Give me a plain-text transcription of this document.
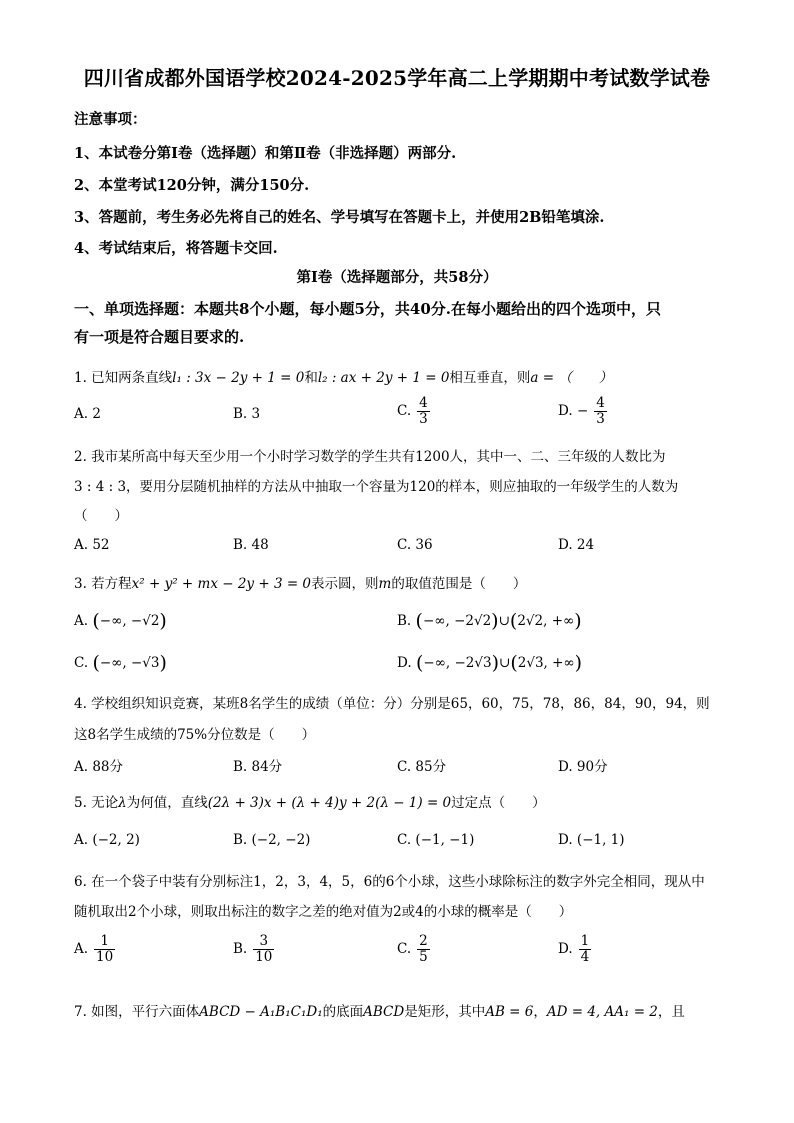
四川省成都外国语学校2024-2025学年高二上学期期中考试数学试卷
注意事项：
1、本试卷分第Ⅰ卷（选择题）和第Ⅱ卷（非选择题）两部分.
2、本堂考试120分钟，满分150分.
3、答题前，考生务必先将自己的姓名、学号填写在答题卡上，并使用2B铅笔填涂.
4、考试结束后，将答题卡交回.
第Ⅰ卷（选择题部分，共58分）
一、单项选择题：本题共8个小题，每小题5分，共40分.在每小题给出的四个选项中，只
有一项是符合题目要求的.
1. 已知两条直线l₁ : 3x − 2y + 1 = 0和l₂ : ax + 2y + 1 = 0相互垂直，则a = （　　）
A. 2	B. 3	C. $\frac{4}{3}$	D. − $\frac{4}{3}$
2. 我市某所高中每天至少用一个小时学习数学的学生共有1200人，其中一、二、三年级的人数比为
3 : 4 : 3，要用分层随机抽样的方法从中抽取一个容量为120的样本，则应抽取的一年级学生的人数为
（　　）
A. 52	B. 48	C. 36	D. 24
3. 若方程x² + y² + mx − 2y + 3 = 0表示圆，则m的取值范围是（　　）
A. (−∞, −√2)	B. (−∞, −2√2)∪(2√2, +∞)
C. (−∞, −√3)	D. (−∞, −2√3)∪(2√3, +∞)
4. 学校组织知识竞赛，某班8名学生的成绩（单位：分）分别是65，60，75，78，86，84，90，94，则
这8名学生成绩的75%分位数是（　　）
A. 88分	B. 84分	C. 85分	D. 90分
5. 无论λ为何值，直线(2λ + 3)x + (λ + 4)y + 2(λ − 1) = 0过定点（　　）
A. (−2, 2)	B. (−2, −2)	C. (−1, −1)	D. (−1, 1)
6. 在一个袋子中装有分别标注1，2，3，4，5，6的6个小球，这些小球除标注的数字外完全相同，现从中
随机取出2个小球，则取出标注的数字之差的绝对值为2或4的小球的概率是（　　）
A. $\frac{1}{10}$	B. $\frac{3}{10}$	C. $\frac{2}{5}$	D. $\frac{1}{4}$
7. 如图，平行六面体ABCD − A₁B₁C₁D₁的底面ABCD是矩形，其中AB = 6，AD = 4, AA₁ = 2，且
